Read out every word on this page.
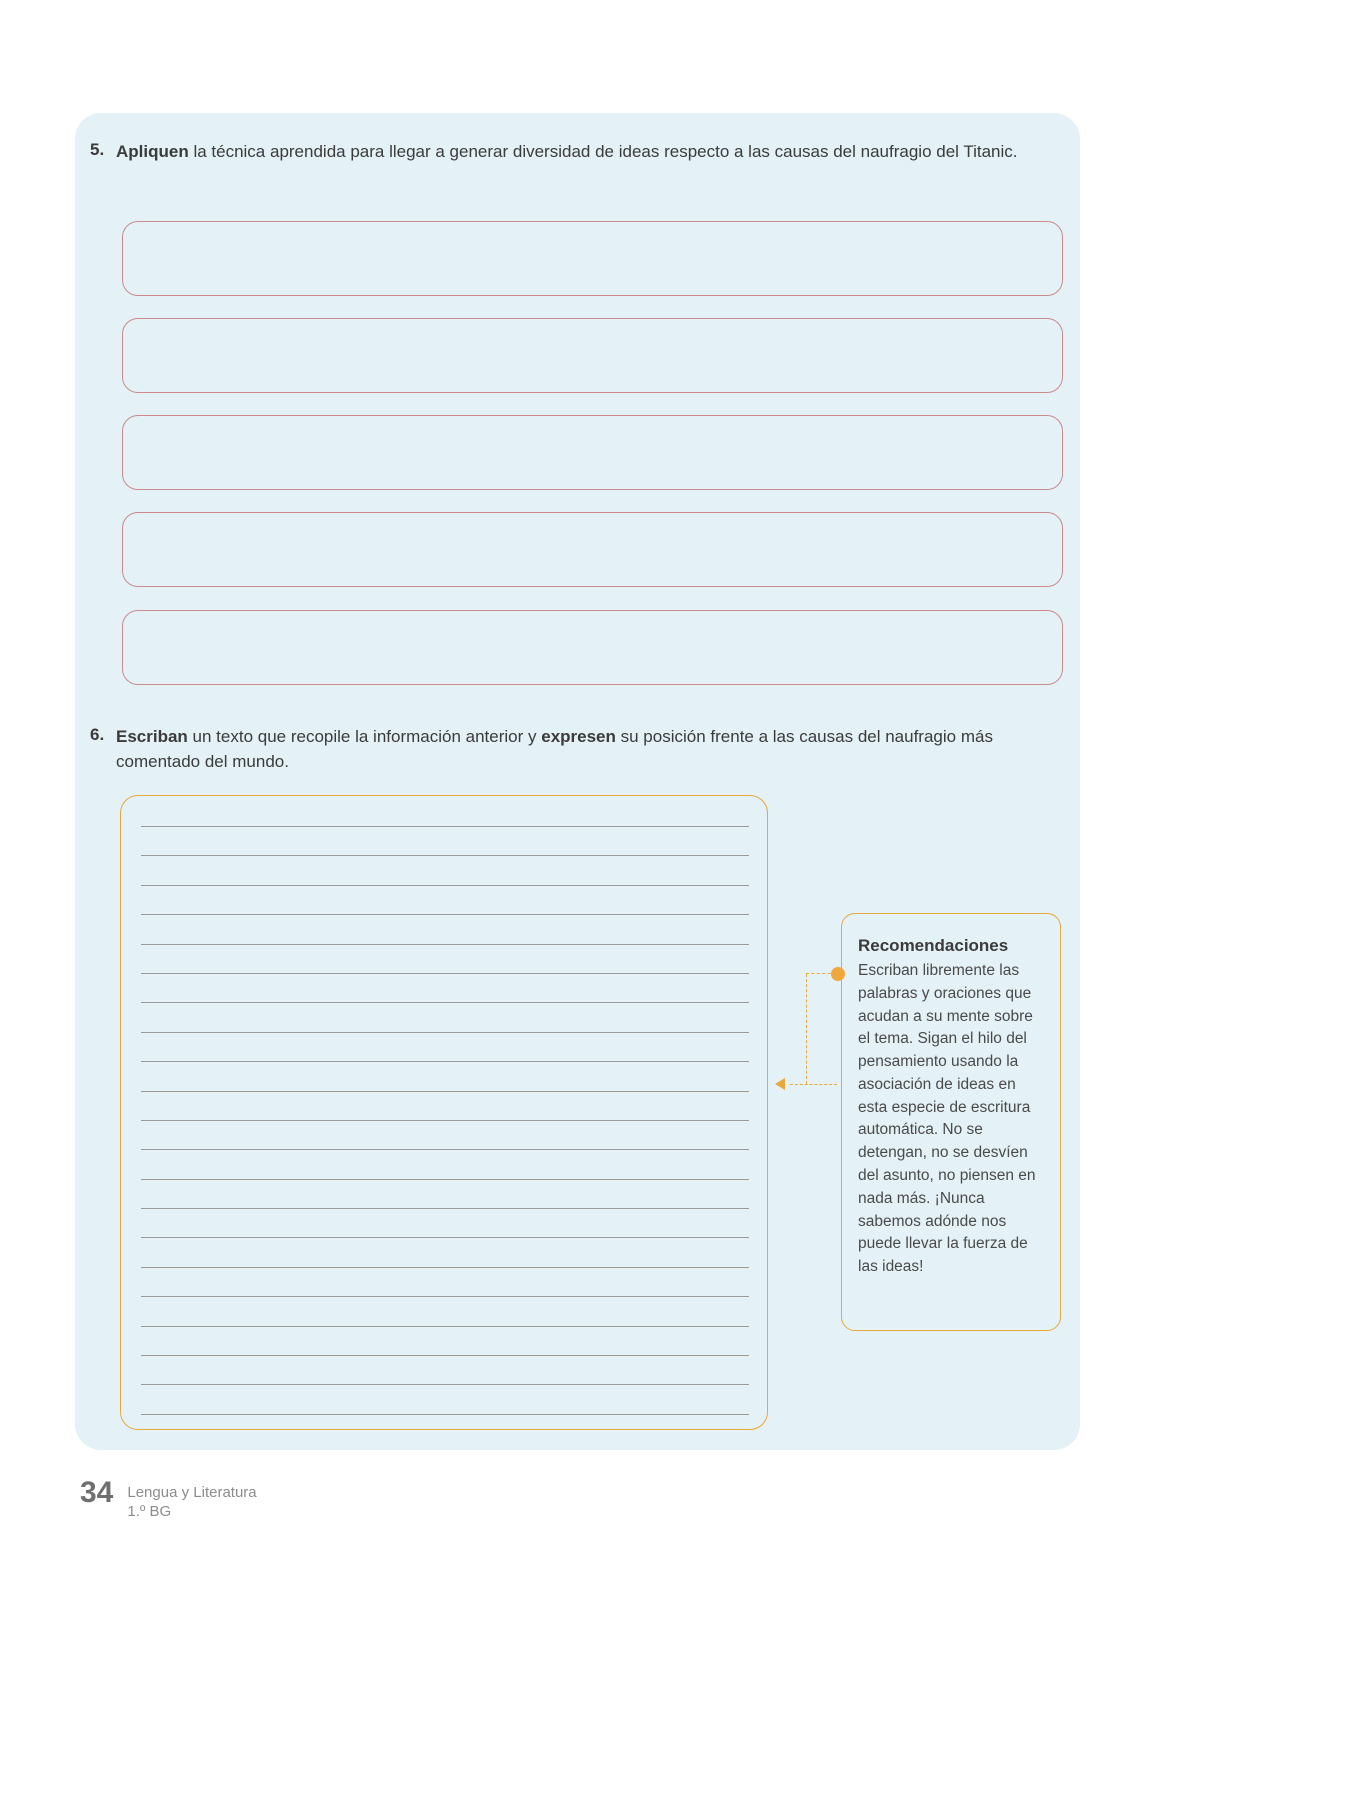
5. Apliquen la técnica aprendida para llegar a generar diversidad de ideas respecto a las causas del naufragio del Titanic.
6. Escriban un texto que recopile la información anterior y expresen su posición frente a las causas del naufragio más comentado del mundo.
Recomendaciones
Escriban libremente las palabras y oraciones que acudan a su mente sobre el tema. Sigan el hilo del pensamiento usando la asociación de ideas en esta especie de escritura automática. No se detengan, no se desvíen del asunto, no piensen en nada más. ¡Nunca sabemos adónde nos puede llevar la fuerza de las ideas!
34 Lengua y Literatura
1.º BG
